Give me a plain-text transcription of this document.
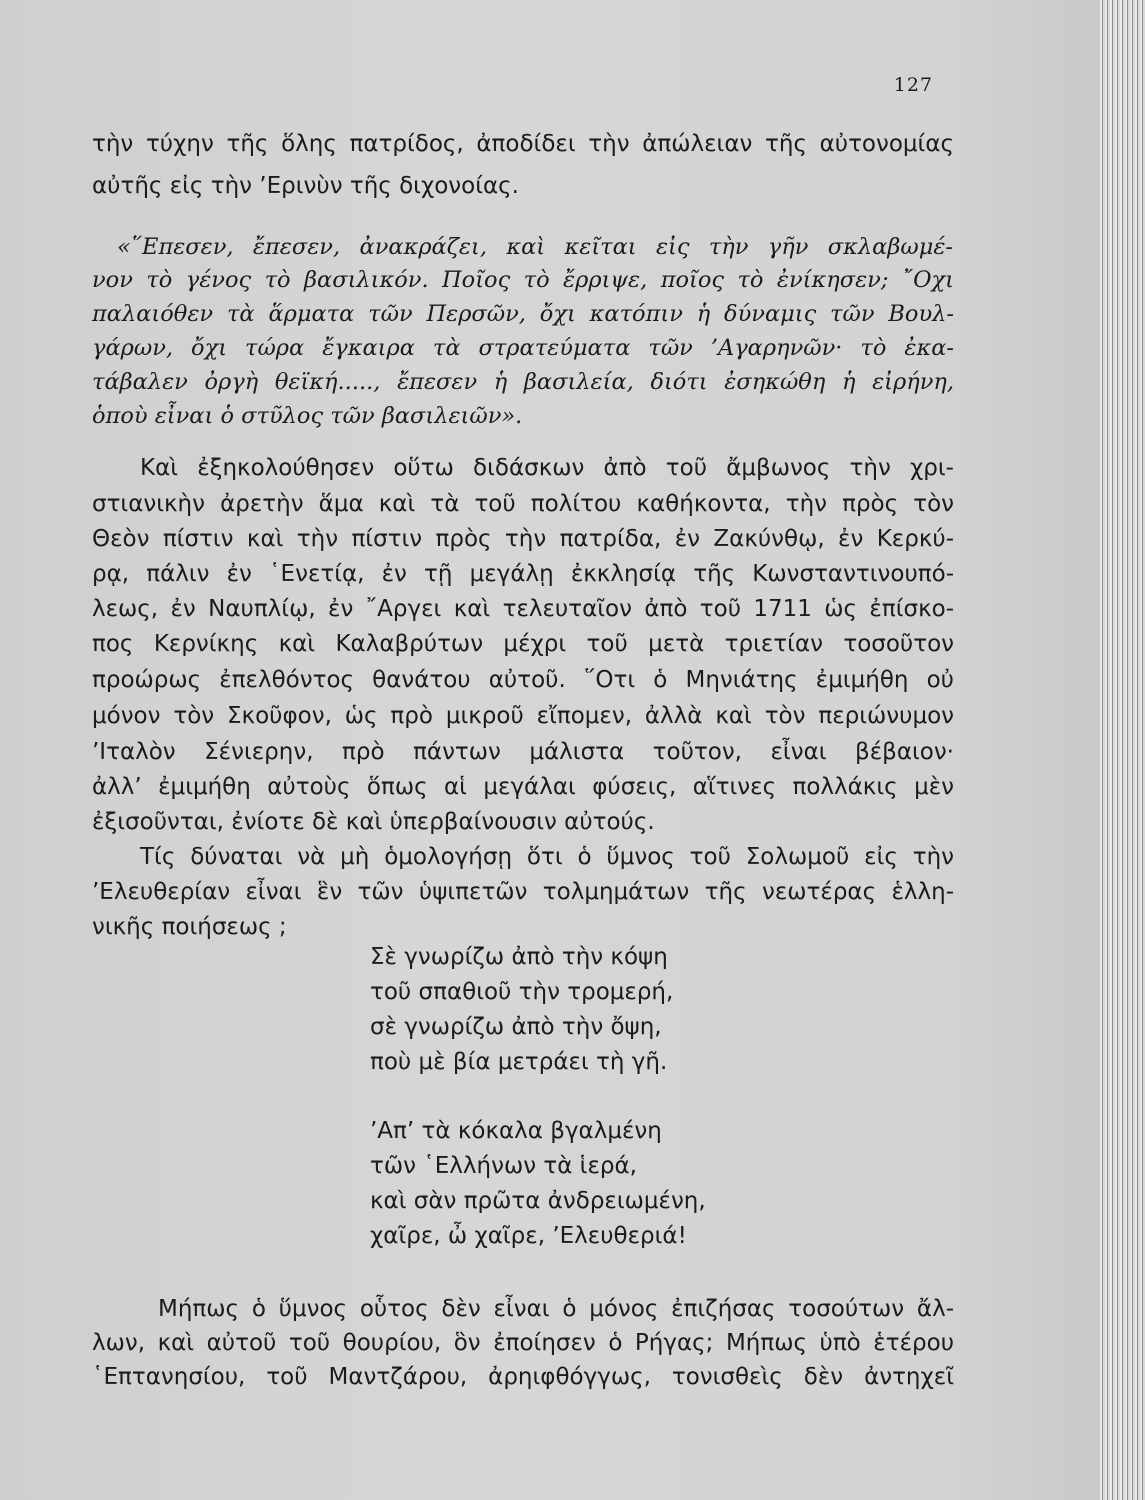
127
τὴν τύχην τῆς ὅλης πατρίδος, ἀποδίδει τὴν ἀπώλειαν τῆς αὐτονομίας
αὐτῆς εἰς τὴν ’Ερινὺν τῆς διχονοίας.
«῞Επεσεν, ἔπεσεν, ἀνακράζει, καὶ κεῖται εἰς τὴν γῆν σκλαβωμέ-
νον τὸ γένος τὸ βασιλικόν. Ποῖος τὸ ἔρριψε, ποῖος τὸ ἐνίκησεν; ῎Οχι
παλαιόθεν τὰ ἅρματα τῶν Περσῶν, ὄχι κατόπιν ἡ δύναμις τῶν Βουλ-
γάρων, ὄχι τώρα ἔγκαιρα τὰ στρατεύματα τῶν ’Αγαρηνῶν· τὸ ἐκα-
τάβαλεν ὀργὴ θεϊκή....., ἔπεσεν ἡ βασιλεία, διότι ἐσηκώθη ἡ εἰρήνη,
ὁποὺ εἶναι ὁ στῦλος τῶν βασιλειῶν».
Καὶ ἐξηκολούθησεν οὕτω διδάσκων ἀπὸ τοῦ ἄμβωνος τὴν χρι-
στιανικὴν ἀρετὴν ἅμα καὶ τὰ τοῦ πολίτου καθήκοντα, τὴν πρὸς τὸν
Θεὸν πίστιν καὶ τὴν πίστιν πρὸς τὴν πατρίδα, ἐν Ζακύνθῳ, ἐν Κερκύ-
ρᾳ, πάλιν ἐν ῾Ενετίᾳ, ἐν τῇ μεγάλῃ ἐκκλησίᾳ τῆς Κωνσταντινουπό-
λεως, ἐν Ναυπλίῳ, ἐν ῎Αργει καὶ τελευταῖον ἀπὸ τοῦ 1711 ὡς ἐπίσκο-
πος Κερνίκης καὶ Καλαβρύτων μέχρι τοῦ μετὰ τριετίαν τοσοῦτον
προώρως ἐπελθόντος θανάτου αὐτοῦ. ῞Οτι ὁ Μηνιάτης ἐμιμήθη οὐ
μόνον τὸν Σκοῦφον, ὡς πρὸ μικροῦ εἴπομεν, ἀλλὰ καὶ τὸν περιώνυμον
’Ιταλὸν Σένιερην, πρὸ πάντων μάλιστα τοῦτον, εἶναι βέβαιον·
ἀλλ’ ἐμιμήθη αὐτοὺς ὅπως αἱ μεγάλαι φύσεις, αἵτινες πολλάκις μὲν
ἐξισοῦνται, ἐνίοτε δὲ καὶ ὑπερβαίνουσιν αὐτούς.
Τίς δύναται νὰ μὴ ὁμολογήσῃ ὅτι ὁ ὕμνος τοῦ Σολωμοῦ εἰς τὴν
’Ελευθερίαν εἶναι ἓν τῶν ὑψιπετῶν τολμημάτων τῆς νεωτέρας ἑλλη-
νικῆς ποιήσεως ;
Σὲ γνωρίζω ἀπὸ τὴν κόψη
τοῦ σπαθιοῦ τὴν τρομερή,
σὲ γνωρίζω ἀπὸ τὴν ὄψη,
ποὺ μὲ βία μετράει τὴ γῆ.
’Απ’ τὰ κόκαλα βγαλμένη
τῶν ῾Ελλήνων τὰ ἱερά,
καὶ σὰν πρῶτα ἀνδρειωμένη,
χαῖρε, ὦ χαῖρε, ’Ελευθεριά!
Μήπως ὁ ὕμνος οὗτος δὲν εἶναι ὁ μόνος ἐπιζήσας τοσούτων ἄλ-
λων, καὶ αὐτοῦ τοῦ θουρίου, ὃν ἐποίησεν ὁ Ρήγας; Μήπως ὑπὸ ἑτέρου
῾Επτανησίου, τοῦ Μαντζάρου, ἀρηιφθόγγως, τονισθεὶς δὲν ἀντηχεῖ
